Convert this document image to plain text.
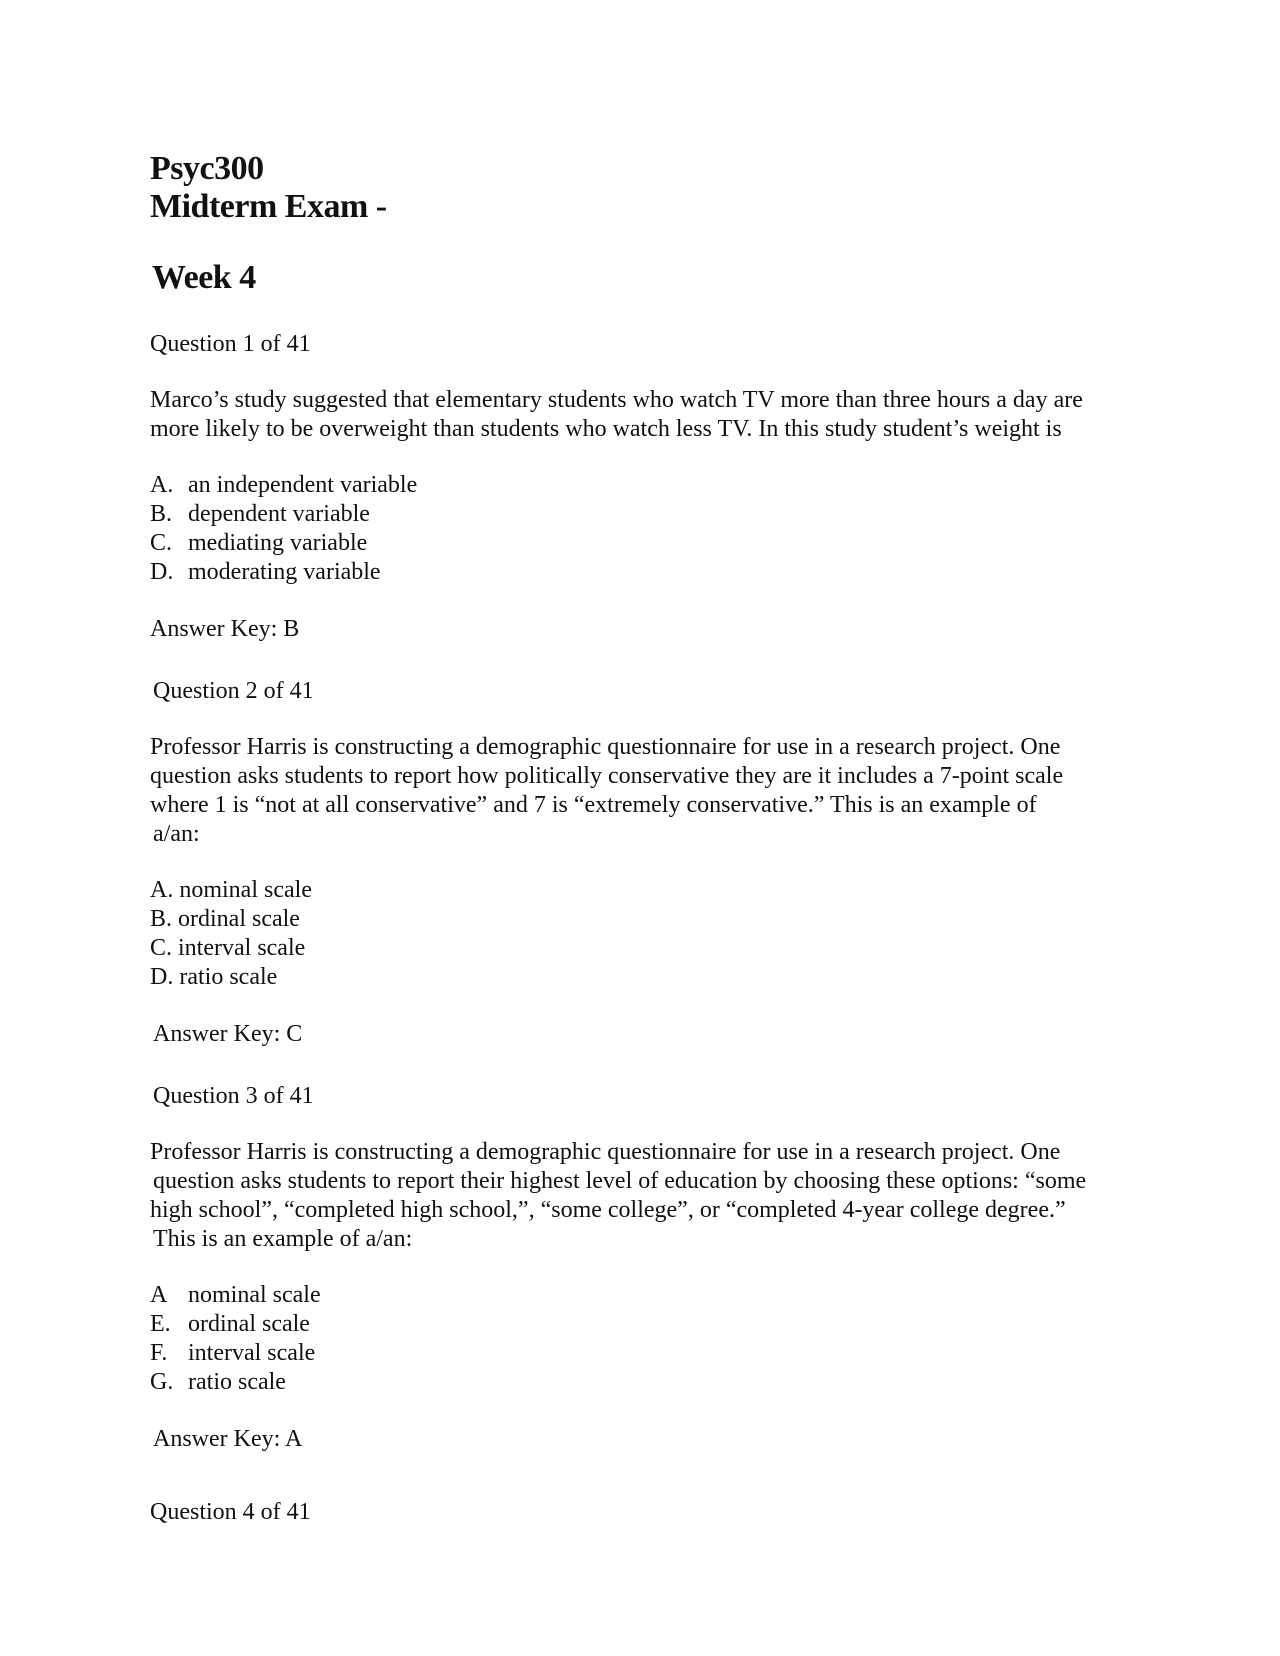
Psyc300

Midterm Exam -

Week 4

Question 1 of 41

Marco’s study suggested that elementary students who watch TV more than three hours a day are

more likely to be overweight than students who watch less TV. In this study student’s weight is

A. an independent variable
B. dependent variable
C. mediating variable
D. moderating variable

Answer Key: B

Question 2 of 41

Professor Harris is constructing a demographic questionnaire for use in a research project. One

question asks students to report how politically conservative they are it includes a 7-point scale

where 1 is “not at all conservative” and 7 is “extremely conservative.” This is an example of

a/an:

A. nominal scale
B. ordinal scale
C. interval scale
D. ratio scale

Answer Key: C

Question 3 of 41

Professor Harris is constructing a demographic questionnaire for use in a research project. One

question asks students to report their highest level of education by choosing these options: “some

high school”, “completed high school,”, “some college”, or “completed 4-year college degree.”

This is an example of a/an:

A nominal scale
E. ordinal scale
F. interval scale
G. ratio scale

Answer Key: A

Question 4 of 41
